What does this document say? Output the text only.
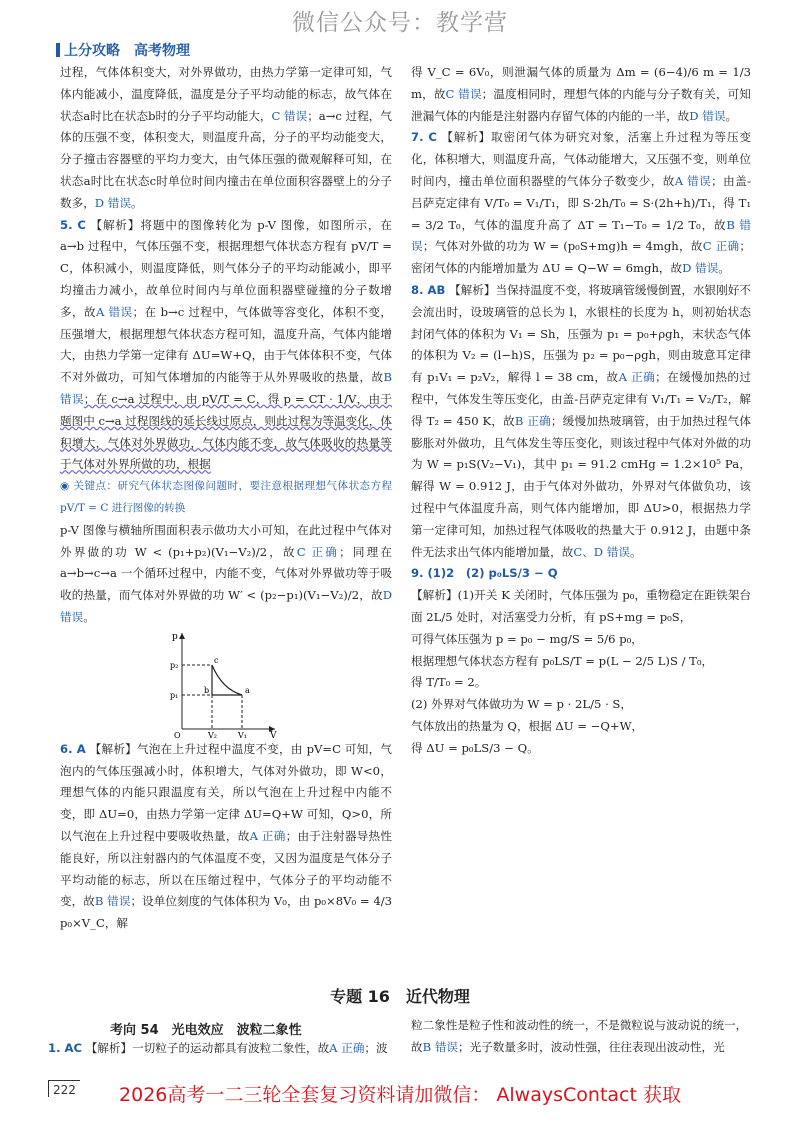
微信公众号：教学营
上分攻略　高考物理

过程，气体体积变大，对外界做功，由热力学第一定律可知，气体内能减小，温度降低，温度是分子平均动能的标志，故气体在状态a时比在状态b时的分子平均动能大，C 错误；a→c 过程，气体的压强不变，体积变大，则温度升高，分子的平均动能变大，分子撞击容器壁的平均力变大，由气体压强的微观解释可知，在状态a时比在状态c时单位时间内撞击在单位面积容器壁上的分子数多，D 错误。

5. C 【解析】将题中的图像转化为 p-V 图像，如图所示，在 a→b 过程中，气体压强不变，根据理想气体状态方程有 pV/T = C，体积减小，则温度降低，则气体分子的平均动能减小，即平均撞击力减小，故单位时间内与单位面积器壁碰撞的分子数增多，故A 错误；在 b→c 过程中，气体做等容变化，体积不变，压强增大，根据理想气体状态方程可知，温度升高，气体内能增大，由热力学第一定律有 ΔU=W+Q，由于气体体积不变，气体不对外做功，可知气体增加的内能等于从外界吸收的热量，故B 错误；在 c→a 过程中，由 pV/T = C，得 p = CT · 1/V，由于题图中 c→a 过程图线的延长线过原点，则此过程为等温变化，体积增大，气体对外界做功，气体内能不变，故气体吸收的热量等于气体对外界所做的功，根据

◉ 关键点：研究气体状态图像问题时，要注意根据理想气体状态方程 pV/T = C 进行图像的转换

p-V 图像与横轴所围面积表示做功大小可知，在此过程中气体对外界做的功 W < (p₁+p₂)(V₁−V₂)/2，故C 正确；同理在 a→b→c→a 一个循环过程中，内能不变，气体对外界做功等于吸收的热量，而气体对外界做的功 W′ < (p₂−p₁)(V₁−V₂)/2，故D 错误。

p
p₂
p₁
O	V₂	V₁	V
a
b
c

6. A 【解析】气泡在上升过程中温度不变，由 pV=C 可知，气泡内的气体压强减小时，体积增大，气体对外做功，即 W<0，理想气体的内能只跟温度有关，所以气泡在上升过程中内能不变，即 ΔU=0，由热力学第一定律 ΔU=Q+W 可知，Q>0，所以气泡在上升过程中要吸收热量，故A 正确；由于注射器导热性能良好，所以注射器内的气体温度不变，又因为温度是气体分子平均动能的标志，所以在压缩过程中，气体分子的平均动能不变，故B 错误；设单位刻度的气体体积为 V₀，由 p₀×8V₀ = 4/3 p₀×V_C，解

得 V_C = 6V₀，则泄漏气体的质量为 Δm = (6−4)/6 m = 1/3 m，故C 错误；温度相同时，理想气体的内能与分子数有关，可知泄漏气体的内能是注射器内存留气体的内能的一半，故D 错误。

7. C 【解析】取密闭气体为研究对象，活塞上升过程为等压变化，体积增大，则温度升高，气体动能增大，又压强不变，则单位时间内，撞击单位面积器壁的气体分子数变少，故A 错误；由盖-吕萨克定律有 V/T₀ = V₁/T₁，即 S·2h/T₀ = S·(2h+h)/T₁，得 T₁ = 3/2 T₀，气体的温度升高了 ΔT = T₁−T₀ = 1/2 T₀，故B 错误；气体对外做的功为 W = (p₀S+mg)h = 4mgh，故C 正确；密闭气体的内能增加量为 ΔU = Q−W = 6mgh，故D 错误。

8. AB 【解析】当保持温度不变，将玻璃管缓慢倒置，水银刚好不会流出时，设玻璃管的总长为 l，水银柱的长度为 h，则初始状态封闭气体的体积为 V₁ = Sh，压强为 p₁ = p₀+ρgh，末状态气体的体积为 V₂ = (l−h)S，压强为 p₂ = p₀−ρgh，则由玻意耳定律有 p₁V₁ = p₂V₂，解得 l = 38 cm，故A 正确；在缓慢加热的过程中，气体发生等压变化，由盖-吕萨克定律有 V₁/T₁ = V₂/T₂，解得 T₂ = 450 K，故B 正确；缓慢加热玻璃管，由于加热过程气体膨胀对外做功，且气体发生等压变化，则该过程中气体对外做的功为 W = p₁S(V₂−V₁)，其中 p₁ = 91.2 cmHg = 1.2×10⁵ Pa，解得 W = 0.912 J，由于气体对外做功，外界对气体做负功，该过程中气体温度升高，则气体内能增加，即 ΔU>0，根据热力学第一定律可知，加热过程气体吸收的热量大于 0.912 J，由题中条件无法求出气体内能增加量，故C、D 错误。

9. (1)2　(2) p₀LS/3 − Q

【解析】(1)开关 K 关闭时，气体压强为 p₀，重物稳定在距铁架台面 2L/5 处时，对活塞受力分析，有 pS+mg = p₀S，

可得气体压强为 p = p₀ − mg/S = 5/6 p₀，

根据理想气体状态方程有 p₀LS/T = p(L − 2/5 L)S / T₀，

得 T/T₀ = 2。

(2) 外界对气体做功为 W = p · 2L/5 · S，

气体放出的热量为 Q，根据 ΔU = −Q+W，

得 ΔU = p₀LS/3 − Q。

专题 16　近代物理
考向 54　光电效应　波粒二象性
1. AC 【解析】一切粒子的运动都具有波粒二象性，故A 正确；波
粒二象性是粒子性和波动性的统一，不是微粒说与波动说的统一，故B 错误；光子数量多时，波动性强，往往表现出波动性，光
222	2026高考一二三轮全套复习资料请加微信： AlwaysContact 获取
